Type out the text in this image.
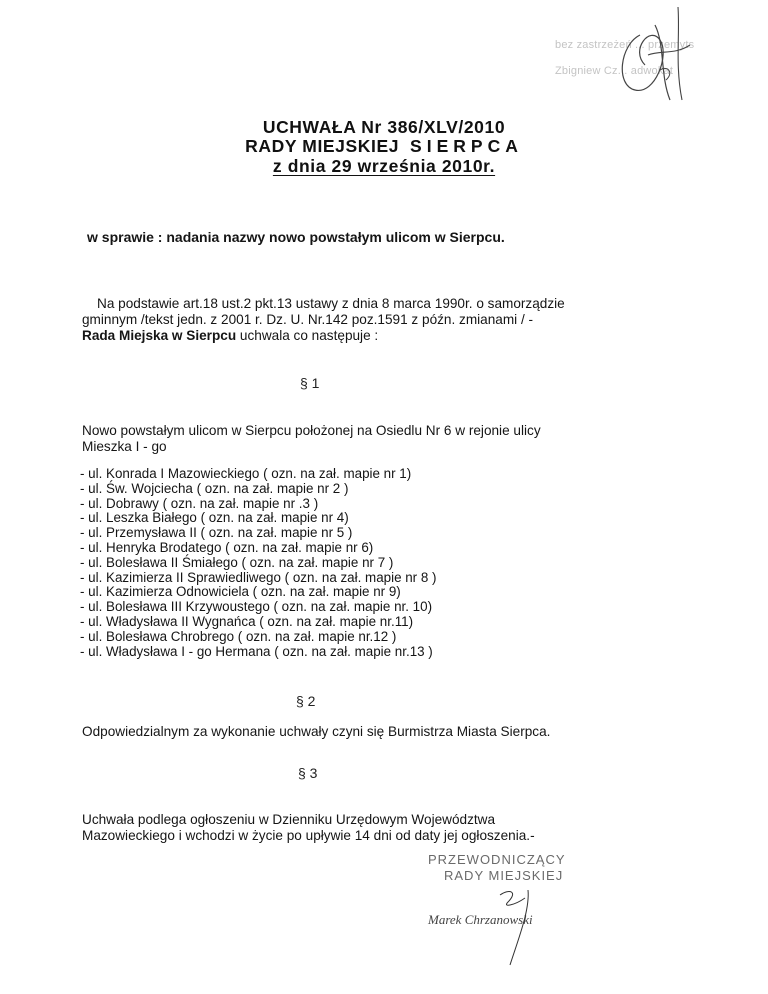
bez zastrzeżeń ... przemyts
Zbigniew Cz... adwokat
UCHWAŁA Nr 386/XLV/2010
RADY MIEJSKIEJ SIERPCA
z dnia 29 września 2010r.
w sprawie : nadania nazwy nowo powstałym ulicom w Sierpcu.
Na podstawie art.18 ust.2 pkt.13 ustawy z dnia 8 marca 1990r. o samorządzie
gminnym /tekst jedn. z 2001 r. Dz. U. Nr.142 poz.1591 z późn. zmianami / -
Rada Miejska w Sierpcu uchwala co następuje :
§ 1
Nowo powstałym ulicom w Sierpcu położonej na Osiedlu Nr 6 w rejonie ulicy
Mieszka I - go
- ul. Konrada I Mazowieckiego ( ozn. na zał. mapie nr 1)
- ul. Św. Wojciecha ( ozn. na zał. mapie nr 2 )
- ul. Dobrawy ( ozn. na zał. mapie nr .3 )
- ul. Leszka Białego ( ozn. na zał. mapie nr 4)
- ul. Przemysława II ( ozn. na zał. mapie nr 5 )
- ul. Henryka Brodatego ( ozn. na zał. mapie nr 6)
- ul. Bolesława II Śmiałego ( ozn. na zał. mapie nr 7 )
- ul. Kazimierza II Sprawiedliwego ( ozn. na zał. mapie nr 8 )
- ul. Kazimierza Odnowiciela ( ozn. na zał. mapie nr 9)
- ul. Bolesława III Krzywoustego ( ozn. na zał. mapie nr. 10)
- ul. Władysława II Wygnańca ( ozn. na zał. mapie nr.11)
- ul. Bolesława Chrobrego ( ozn. na zał. mapie nr.12 )
- ul. Władysława I - go Hermana ( ozn. na zał. mapie nr.13 )
§ 2
Odpowiedzialnym za wykonanie uchwały czyni się Burmistrza Miasta Sierpca.
§ 3
Uchwała podlega ogłoszeniu w Dzienniku Urzędowym Województwa
Mazowieckiego i wchodzi w życie po upływie 14 dni od daty jej ogłoszenia.-
PRZEWODNICZĄCY
RADY MIEJSKIEJ
Marek Chrzanowski
